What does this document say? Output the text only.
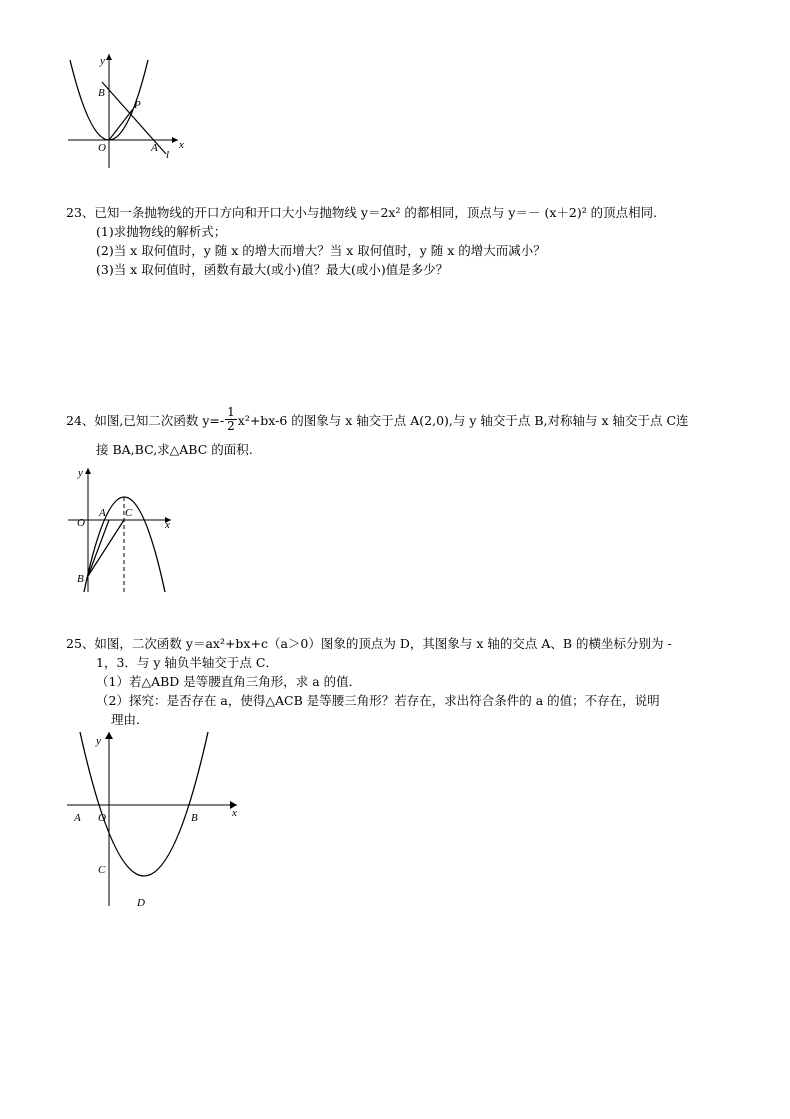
y
x
B
P
O	A
l
23、已知一条抛物线的开口方向和开口大小与抛物线 y＝2x² 的都相同，顶点与 y＝－ (x＋2)² 的顶点相同.
(1)求抛物线的解析式；
(2)当 x 取何值时，y 随 x 的增大而增大？当 x 取何值时，y 随 x 的增大而减小？
(3)当 x 取何值时，函数有最大(或小)值？最大(或小)值是多少？
24、如图,已知二次函数 $y=- \frac{1}{2} x^2+bx-6$ 的图象与 x 轴交于点 A(2,0),与 y 轴交于点 B,对称轴与 x 轴交于点 C连
接 BA,BC,求△ABC 的面积.
y
x
O
A C
B
25、如图，二次函数 y＝ax²+bx+c（a＞0）图象的顶点为 D，其图象与 x 轴的交点 A、B 的横坐标分别为 -
1，3．与 y 轴负半轴交于点 C．
（1）若△ABD 是等腰直角三角形，求 a 的值．
（2）探究：是否存在 a，使得△ACB 是等腰三角形？若存在，求出符合条件的 a 的值；不存在，说明
理由．
y
x
A O	B
C
D
